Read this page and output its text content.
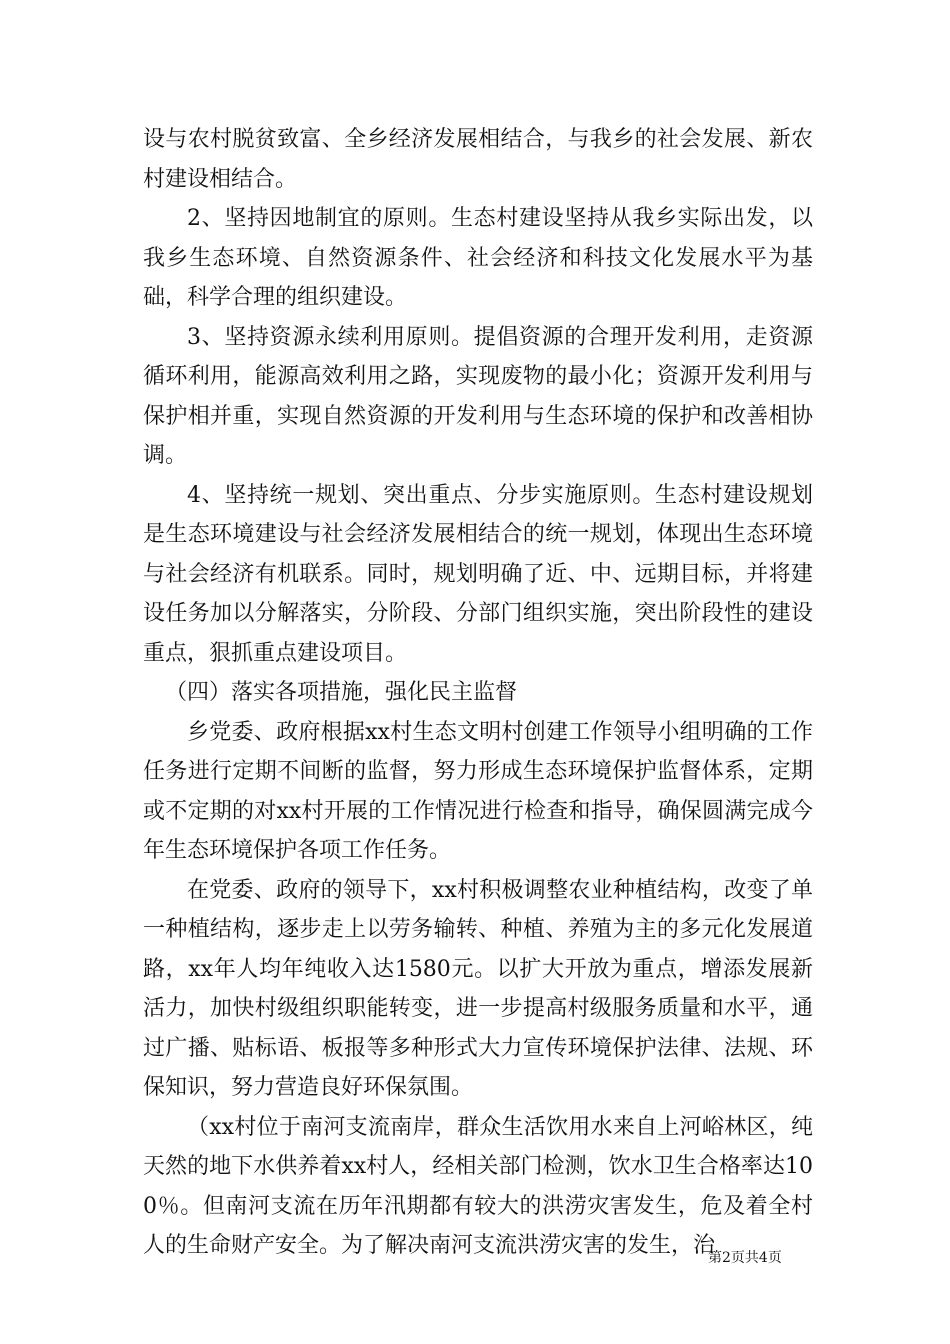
设与农村脱贫致富、全乡经济发展相结合，与我乡的社会发展、新农村建设相结合。

2、坚持因地制宜的原则。生态村建设坚持从我乡实际出发，以我乡生态环境、自然资源条件、社会经济和科技文化发展水平为基础，科学合理的组织建设。

3、坚持资源永续利用原则。提倡资源的合理开发利用，走资源循环利用，能源高效利用之路，实现废物的最小化；资源开发利用与保护相并重，实现自然资源的开发利用与生态环境的保护和改善相协调。

4、坚持统一规划、突出重点、分步实施原则。生态村建设规划是生态环境建设与社会经济发展相结合的统一规划，体现出生态环境与社会经济有机联系。同时，规划明确了近、中、远期目标，并将建设任务加以分解落实，分阶段、分部门组织实施，突出阶段性的建设重点，狠抓重点建设项目。

（四）落实各项措施，强化民主监督

乡党委、政府根据xx村生态文明村创建工作领导小组明确的工作任务进行定期不间断的监督，努力形成生态环境保护监督体系，定期或不定期的对xx村开展的工作情况进行检查和指导，确保圆满完成今年生态环境保护各项工作任务。

在党委、政府的领导下，xx村积极调整农业种植结构，改变了单一种植结构，逐步走上以劳务输转、种植、养殖为主的多元化发展道路，xx年人均年纯收入达1580元。以扩大开放为重点，增添发展新活力，加快村级组织职能转变，进一步提高村级服务质量和水平，通过广播、贴标语、板报等多种形式大力宣传环境保护法律、法规、环保知识，努力营造良好环保氛围。

（xx村位于南河支流南岸，群众生活饮用水来自上河峪林区，纯天然的地下水供养着xx村人，经相关部门检测，饮水卫生合格率达100％。但南河支流在历年汛期都有较大的洪涝灾害发生，危及着全村人的生命财产安全。为了解决南河支流洪涝灾害的发生，治

第2页共4页
